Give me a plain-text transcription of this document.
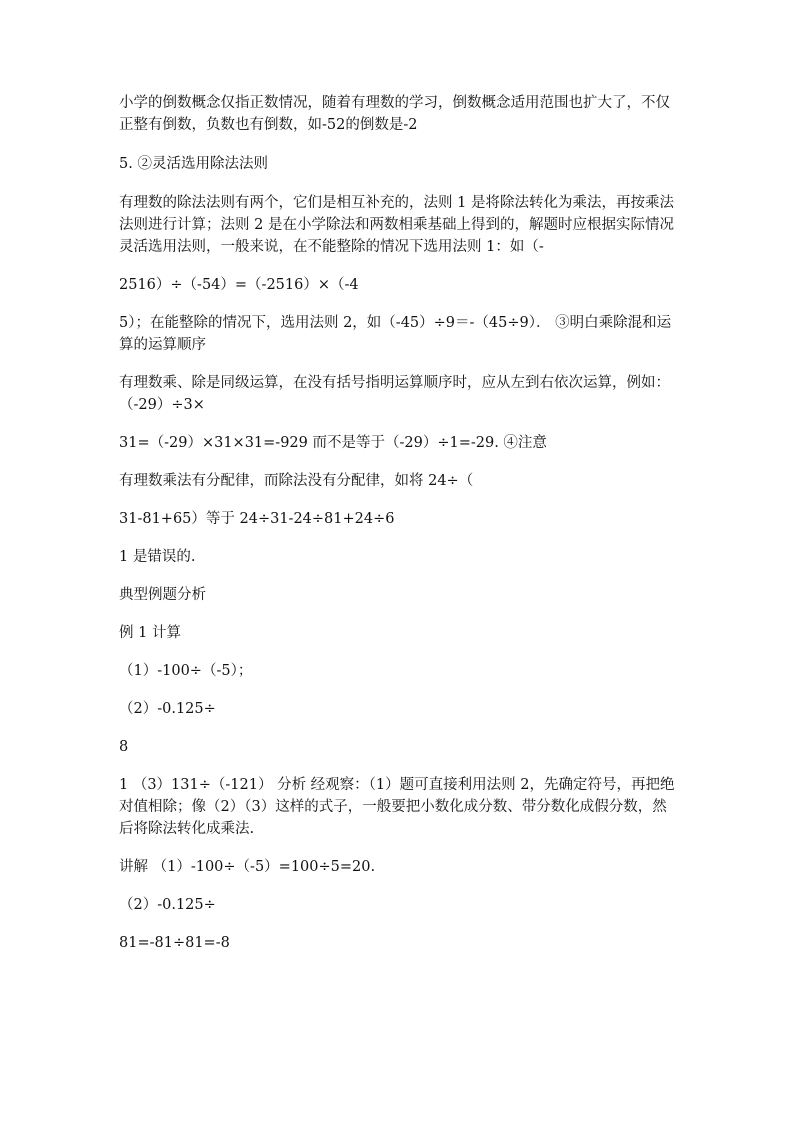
小学的倒数概念仅指正数情况，随着有理数的学习，倒数概念适用范围也扩大了，不仅正整有倒数，负数也有倒数，如-52的倒数是-2

5. ②灵活选用除法法则

有理数的除法法则有两个，它们是相互补充的，法则 1 是将除法转化为乘法，再按乘法法则进行计算；法则 2 是在小学除法和两数相乘基础上得到的，解题时应根据实际情况灵活选用法则，一般来说，在不能整除的情况下选用法则 1：如（-

2516）÷（-54）=（-2516）×（-4

5）；在能整除的情况下，选用法则 2，如（-45）÷9＝-（45÷9）． ③明白乘除混和运算的运算顺序

有理数乘、除是同级运算，在没有括号指明运算顺序时，应从左到右依次运算，例如：（-29）÷3×

31=（-29）×31×31=-929 而不是等于（-29）÷1=-29. ④注意

有理数乘法有分配律，而除法没有分配律，如将 24÷（

31-81+65）等于 24÷31-24÷81+24÷6

1 是错误的.

典型例题分析

例 1 计算

（1）-100÷（-5）；

（2）-0.125÷

8

1 （3）131÷（-121） 分析 经观察：（1）题可直接利用法则 2，先确定符号，再把绝对值相除；像（2）（3）这样的式子，一般要把小数化成分数、带分数化成假分数，然后将除法转化成乘法.

讲解 （1）-100÷（-5）=100÷5=20.

（2）-0.125÷

81=-81÷81=-8
